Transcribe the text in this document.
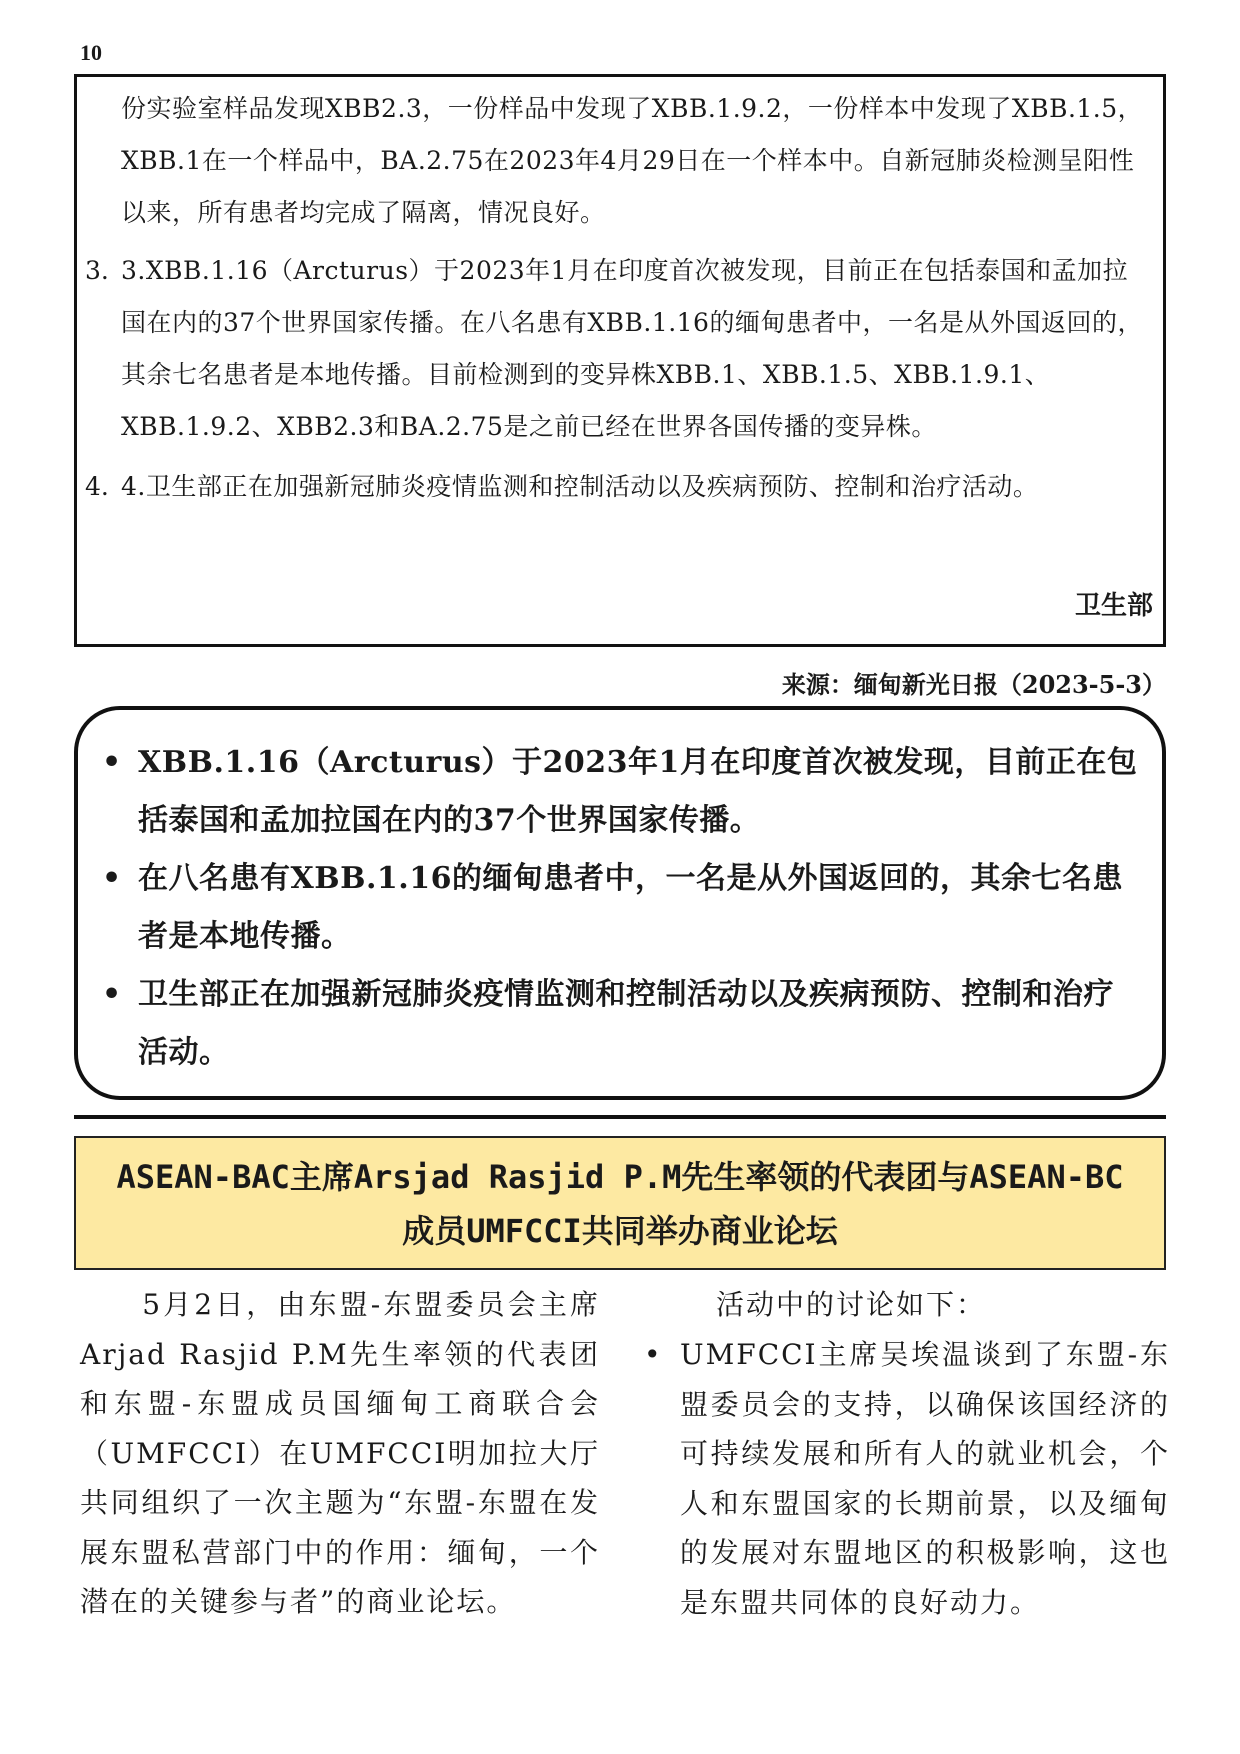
10

份实验室样品发现XBB2.3，一份样品中发现了XBB.1.9.2，一份样本中发现了XBB.1.5，XBB.1在一个样品中，BA.2.75在2023年4月29日在一个样本中。自新冠肺炎检测呈阳性以来，所有患者均完成了隔离，情况良好。

3. 3.XBB.1.16（Arcturus）于2023年1月在印度首次被发现，目前正在包括泰国和孟加拉国在内的37个世界国家传播。在八名患有XBB.1.16的缅甸患者中，一名是从外国返回的，其余七名患者是本地传播。目前检测到的变异株XBB.1、XBB.1.5、XBB.1.9.1、XBB.1.9.2、XBB2.3和BA.2.75是之前已经在世界各国传播的变异株。

4. 4.卫生部正在加强新冠肺炎疫情监测和控制活动以及疾病预防、控制和治疗活动。

卫生部
来源：缅甸新光日报（2023-5-3）
• XBB.1.16（Arcturus）于2023年1月在印度首次被发现，目前正在包括泰国和孟加拉国在内的37个世界国家传播。
• 在八名患有XBB.1.16的缅甸患者中，一名是从外国返回的，其余七名患者是本地传播。
• 卫生部正在加强新冠肺炎疫情监测和控制活动以及疾病预防、控制和治疗活动。
ASEAN-BAC主席Arsjad Rasjid P.M先生率领的代表团与ASEAN-BC
成员UMFCCI共同举办商业论坛

　　5月2日，由东盟-东盟委员会主席Arjad Rasjid P.M先生率领的代表团和东盟-东盟成员国缅甸工商联合会（UMFCCI）在UMFCCI明加拉大厅共同组织了一次主题为“东盟-东盟在发展东盟私营部门中的作用：缅甸，一个潜在的关键参与者”的商业论坛。

活动中的讨论如下：
• UMFCCI主席吴埃温谈到了东盟-东盟委员会的支持，以确保该国经济的可持续发展和所有人的就业机会，个人和东盟国家的长期前景，以及缅甸的发展对东盟地区的积极影响，这也是东盟共同体的良好动力。
